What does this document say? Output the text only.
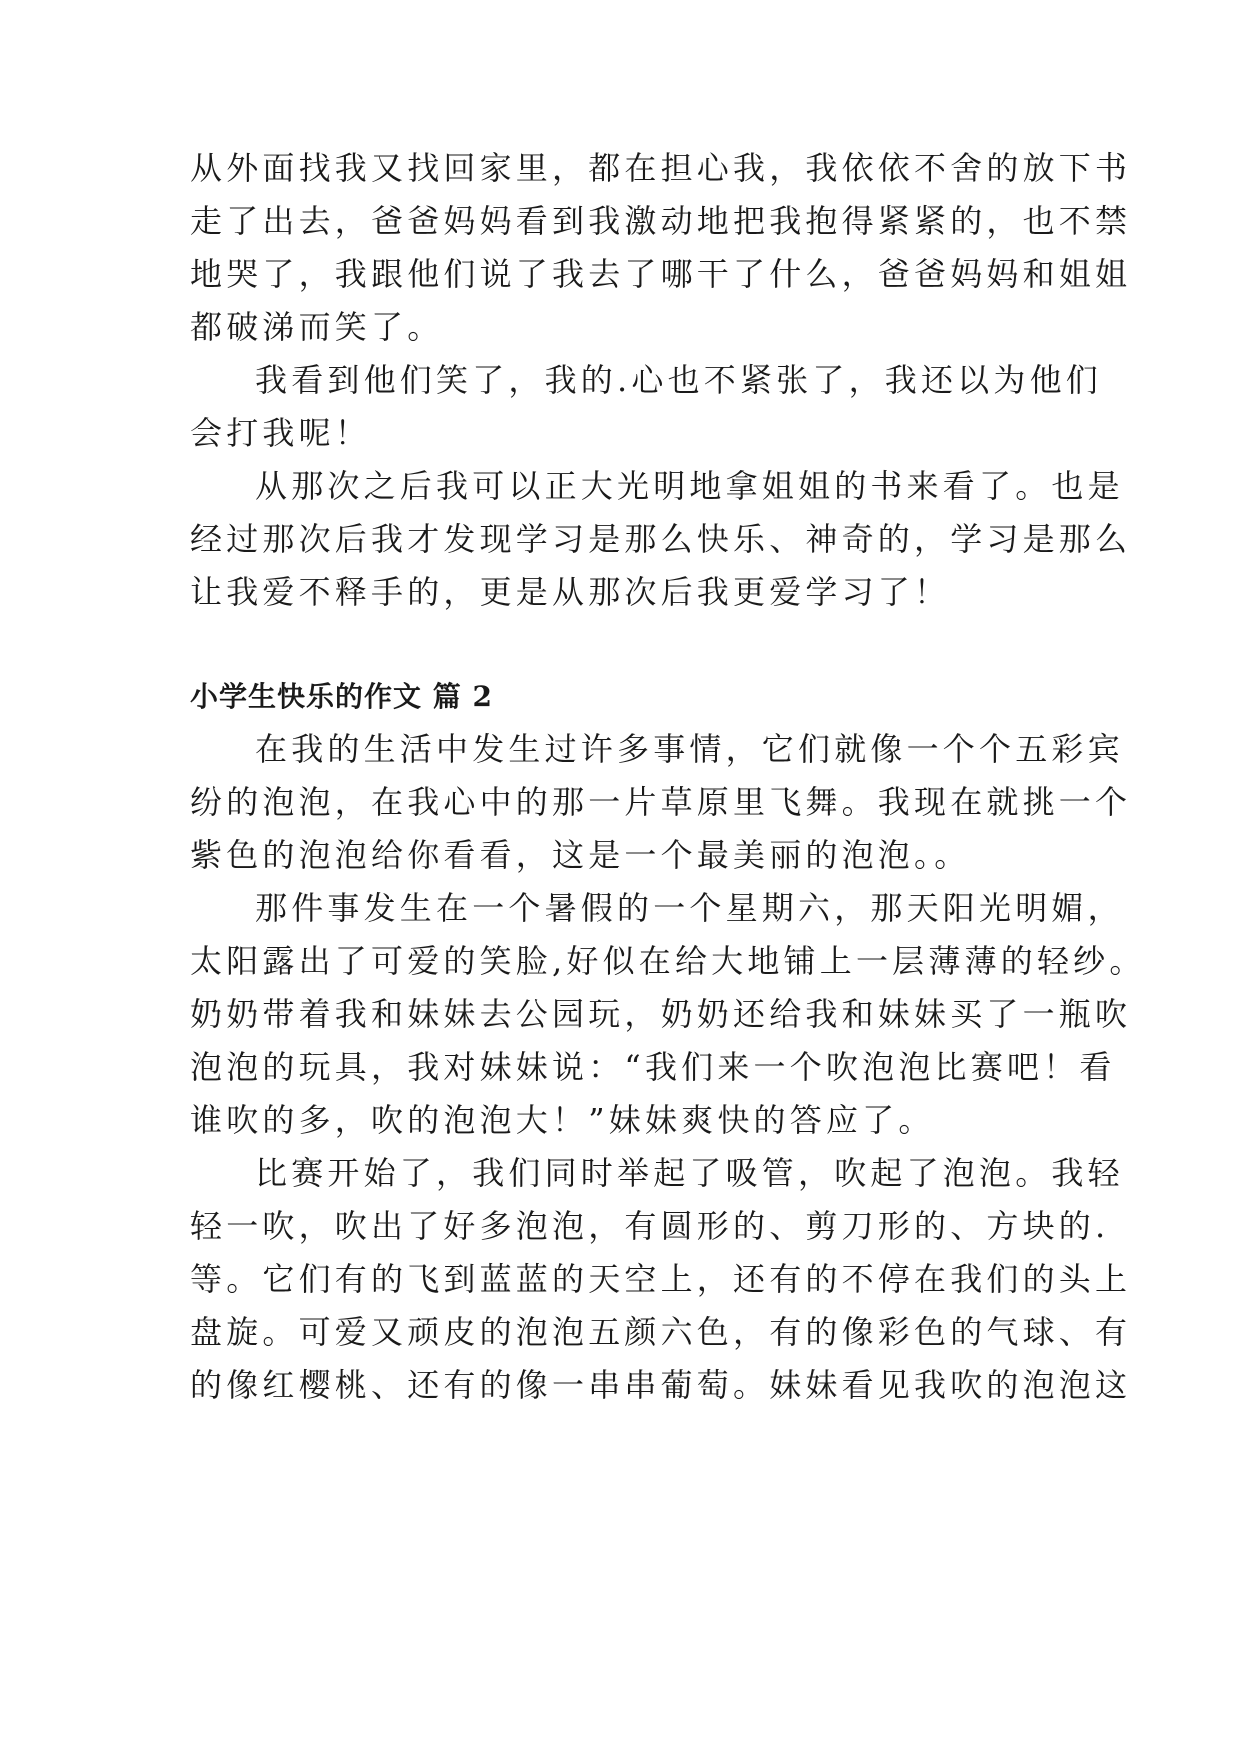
从外面找我又找回家里，都在担心我，我依依不舍的放下书

走了出去，爸爸妈妈看到我激动地把我抱得紧紧的，也不禁

地哭了，我跟他们说了我去了哪干了什么，爸爸妈妈和姐姐

都破涕而笑了。

我看到他们笑了，我的.心也不紧张了，我还以为他们

会打我呢！

从那次之后我可以正大光明地拿姐姐的书来看了。也是

经过那次后我才发现学习是那么快乐、神奇的，学习是那么

让我爱不释手的，更是从那次后我更爱学习了！

小学生快乐的作文 篇 2

在我的生活中发生过许多事情，它们就像一个个五彩宾

纷的泡泡，在我心中的那一片草原里飞舞。我现在就挑一个

紫色的泡泡给你看看，这是一个最美丽的泡泡。。

那件事发生在一个暑假的一个星期六，那天阳光明媚，

太阳露出了可爱的笑脸,好似在给大地铺上一层薄薄的轻纱。

奶奶带着我和妹妹去公园玩，奶奶还给我和妹妹买了一瓶吹

泡泡的玩具，我对妹妹说：“我们来一个吹泡泡比赛吧！看

谁吹的多，吹的泡泡大！”妹妹爽快的答应了。

比赛开始了，我们同时举起了吸管，吹起了泡泡。我轻

轻一吹，吹出了好多泡泡，有圆形的、剪刀形的、方块的.

等。它们有的飞到蓝蓝的天空上，还有的不停在我们的头上

盘旋。可爱又顽皮的泡泡五颜六色，有的像彩色的气球、有

的像红樱桃、还有的像一串串葡萄。妹妹看见我吹的泡泡这
